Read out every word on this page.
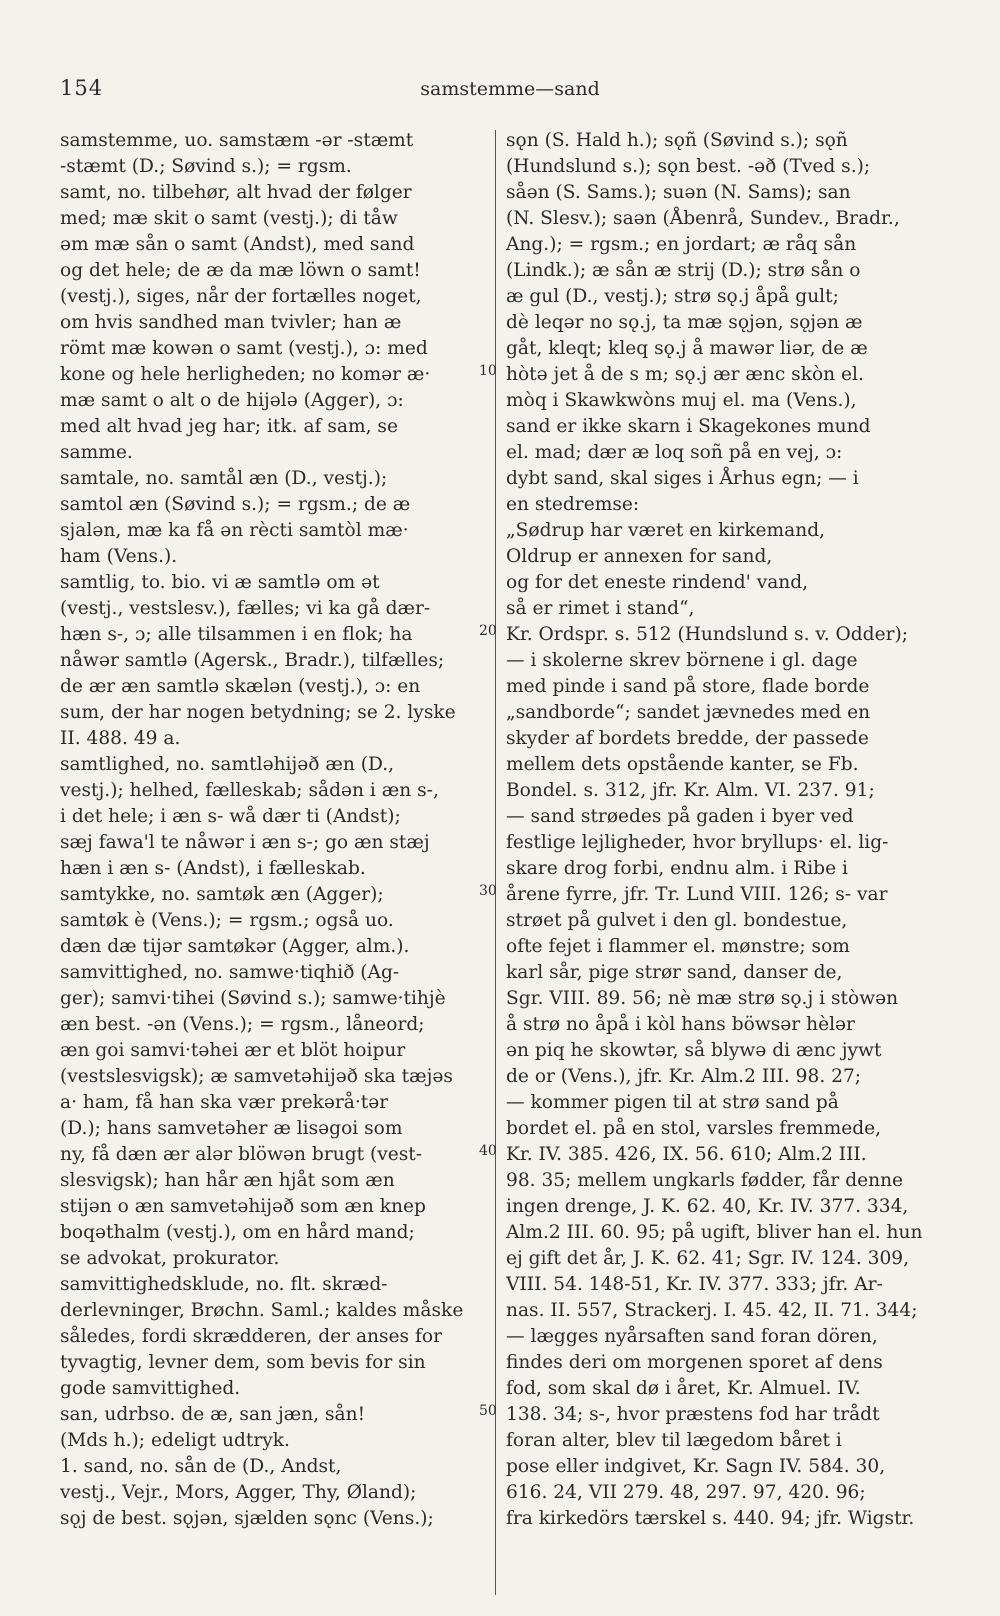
154	samstemme—sand
samstemme, uo. samstæm -ər -stæmt
-stæmt (D.; Søvind s.); = rgsm.
samt, no. tilbehør, alt hvad der følger
med; mæ skit o samt (vestj.); di tåw
əm mæ sån o samt (Andst), med sand
og det hele; de æ da mæ löwn o samt!
(vestj.), siges, når der fortælles noget,
om hvis sandhed man tvivler; han æ
römt mæ kowən o samt (vestj.), ɔ: med
kone og hele herligheden; no komər æ·
mæ samt o alt o de hijələ (Agger), ɔ:
med alt hvad jeg har; itk. af sam, se
samme.
samtale, no. samtål æn (D., vestj.);
samtol æn (Søvind s.); = rgsm.; de æ
sjalən, mæ ka få ən rècti samtòl mæ·
ham (Vens.).
samtlig, to. bio. vi æ samtlə om ət
(vestj., vestslesv.), fælles; vi ka gå dær-
hæn s-, ɔ; alle tilsammen i en flok; ha
nåwər samtlə (Agersk., Bradr.), tilfælles;
de ær æn samtlə skælən (vestj.), ɔ: en
sum, der har nogen betydning; se 2. lyske
II. 488. 49 a.
samtlighed, no. samtləhijəð æn (D.,
vestj.); helhed, fælleskab; sådən i æn s-,
i det hele; i æn s- wå dær ti (Andst);
sæj fawa'l te nåwər i æn s-; go æn stæj
hæn i æn s- (Andst), i fælleskab.
samtykke, no. samtøk æn (Agger);
samtøk è (Vens.); = rgsm.; også uo.
dæn dæ tijər samtøkər (Agger, alm.).
samvittighed, no. samwe·tiqhið (Ag-
ger); samvi·tihei (Søvind s.); samwe·tihjè
æn best. -ən (Vens.); = rgsm., låneord;
æn goi samvi·təhei ær et blöt hoipur
(vestslesvigsk); æ samvetəhijəð ska tæjəs
a· ham, få han ska vær prekərå·tər
(D.); hans samvetəher æ lisəgoi som
ny, få dæn ær alər blöwən brugt (vest-
slesvigsk); han hår æn hjåt som æn
stijən o æn samvetəhijəð som æn knep
boqəthalm (vestj.), om en hård mand;
se advokat, prokurator.
samvittighedsklude, no. flt. skræd-
derlevninger, Brøchn. Saml.; kaldes måske
således, fordi skrædderen, der anses for
tyvagtig, levner dem, som bevis for sin
gode samvittighed.
san, udrbso. de æ, san jæn, sån!
(Mds h.); edeligt udtryk.
1. sand, no. sån de (D., Andst,
vestj., Vejr., Mors, Agger, Thy, Øland);
sǫj de best. sǫjən, sjælden sǫnc (Vens.);
sǫn (S. Hald h.); sǫñ (Søvind s.); sǫñ
(Hundslund s.); sǫn best. -əð (Tved s.);
såən (S. Sams.); suən (N. Sams); san
(N. Slesv.); saən (Åbenrå, Sundev., Bradr.,
Ang.); = rgsm.; en jordart; æ råq sån
(Lindk.); æ sån æ strij (D.); strø sån o
æ gul (D., vestj.); strø sǫ.j åpå gult;
dè leqər no sǫ.j, ta mæ sǫjən, sǫjən æ
gåt, kleqt; kleq sǫ.j å mawər liər, de æ
hòtə jet å de s m; sǫ.j ær ænc skòn el.
mòq i Skawkwòns muj el. ma (Vens.),
sand er ikke skarn i Skagekones mund
el. mad; dær æ loq soñ på en vej, ɔ:
dybt sand, skal siges i Århus egn; — i
en stedremse:
„Sødrup har været en kirkemand,
Oldrup er annexen for sand,
og for det eneste rindend' vand,
så er rimet i stand“,
Kr. Ordspr. s. 512 (Hundslund s. v. Odder);
— i skolerne skrev börnene i gl. dage
med pinde i sand på store, flade borde
„sandborde“; sandet jævnedes med en
skyder af bordets bredde, der passede
mellem dets opstående kanter, se Fb.
Bondel. s. 312, jfr. Kr. Alm. VI. 237. 91;
— sand strøedes på gaden i byer ved
festlige lejligheder, hvor bryllups· el. lig-
skare drog forbi, endnu alm. i Ribe i
årene fyrre, jfr. Tr. Lund VIII. 126; s- var
strøet på gulvet i den gl. bondestue,
ofte fejet i flammer el. mønstre; som
karl sår, pige strør sand, danser de,
Sgr. VIII. 89. 56; nè mæ strø sǫ.j i stòwən
å strø no åpå i kòl hans böwsər hèlər
ən piq he skowtər, så blywə di ænc jywt
de or (Vens.), jfr. Kr. Alm.2 III. 98. 27;
— kommer pigen til at strø sand på
bordet el. på en stol, varsles fremmede,
Kr. IV. 385. 426, IX. 56. 610; Alm.2 III.
98. 35; mellem ungkarls fødder, får denne
ingen drenge, J. K. 62. 40, Kr. IV. 377. 334,
Alm.2 III. 60. 95; på ugift, bliver han el. hun
ej gift det år, J. K. 62. 41; Sgr. IV. 124. 309,
VIII. 54. 148-51, Kr. IV. 377. 333; jfr. Ar-
nas. II. 557, Strackerj. I. 45. 42, II. 71. 344;
— lægges nyårsaften sand foran dören,
findes deri om morgenen sporet af dens
fod, som skal dø i året, Kr. Almuel. IV.
138. 34; s-, hvor præstens fod har trådt
foran alter, blev til lægedom båret i
pose eller indgivet, Kr. Sagn IV. 584. 30,
616. 24, VII 279. 48, 297. 97, 420. 96;
fra kirkedörs tærskel s. 440. 94; jfr. Wigstr.
10
20
30
40
50
